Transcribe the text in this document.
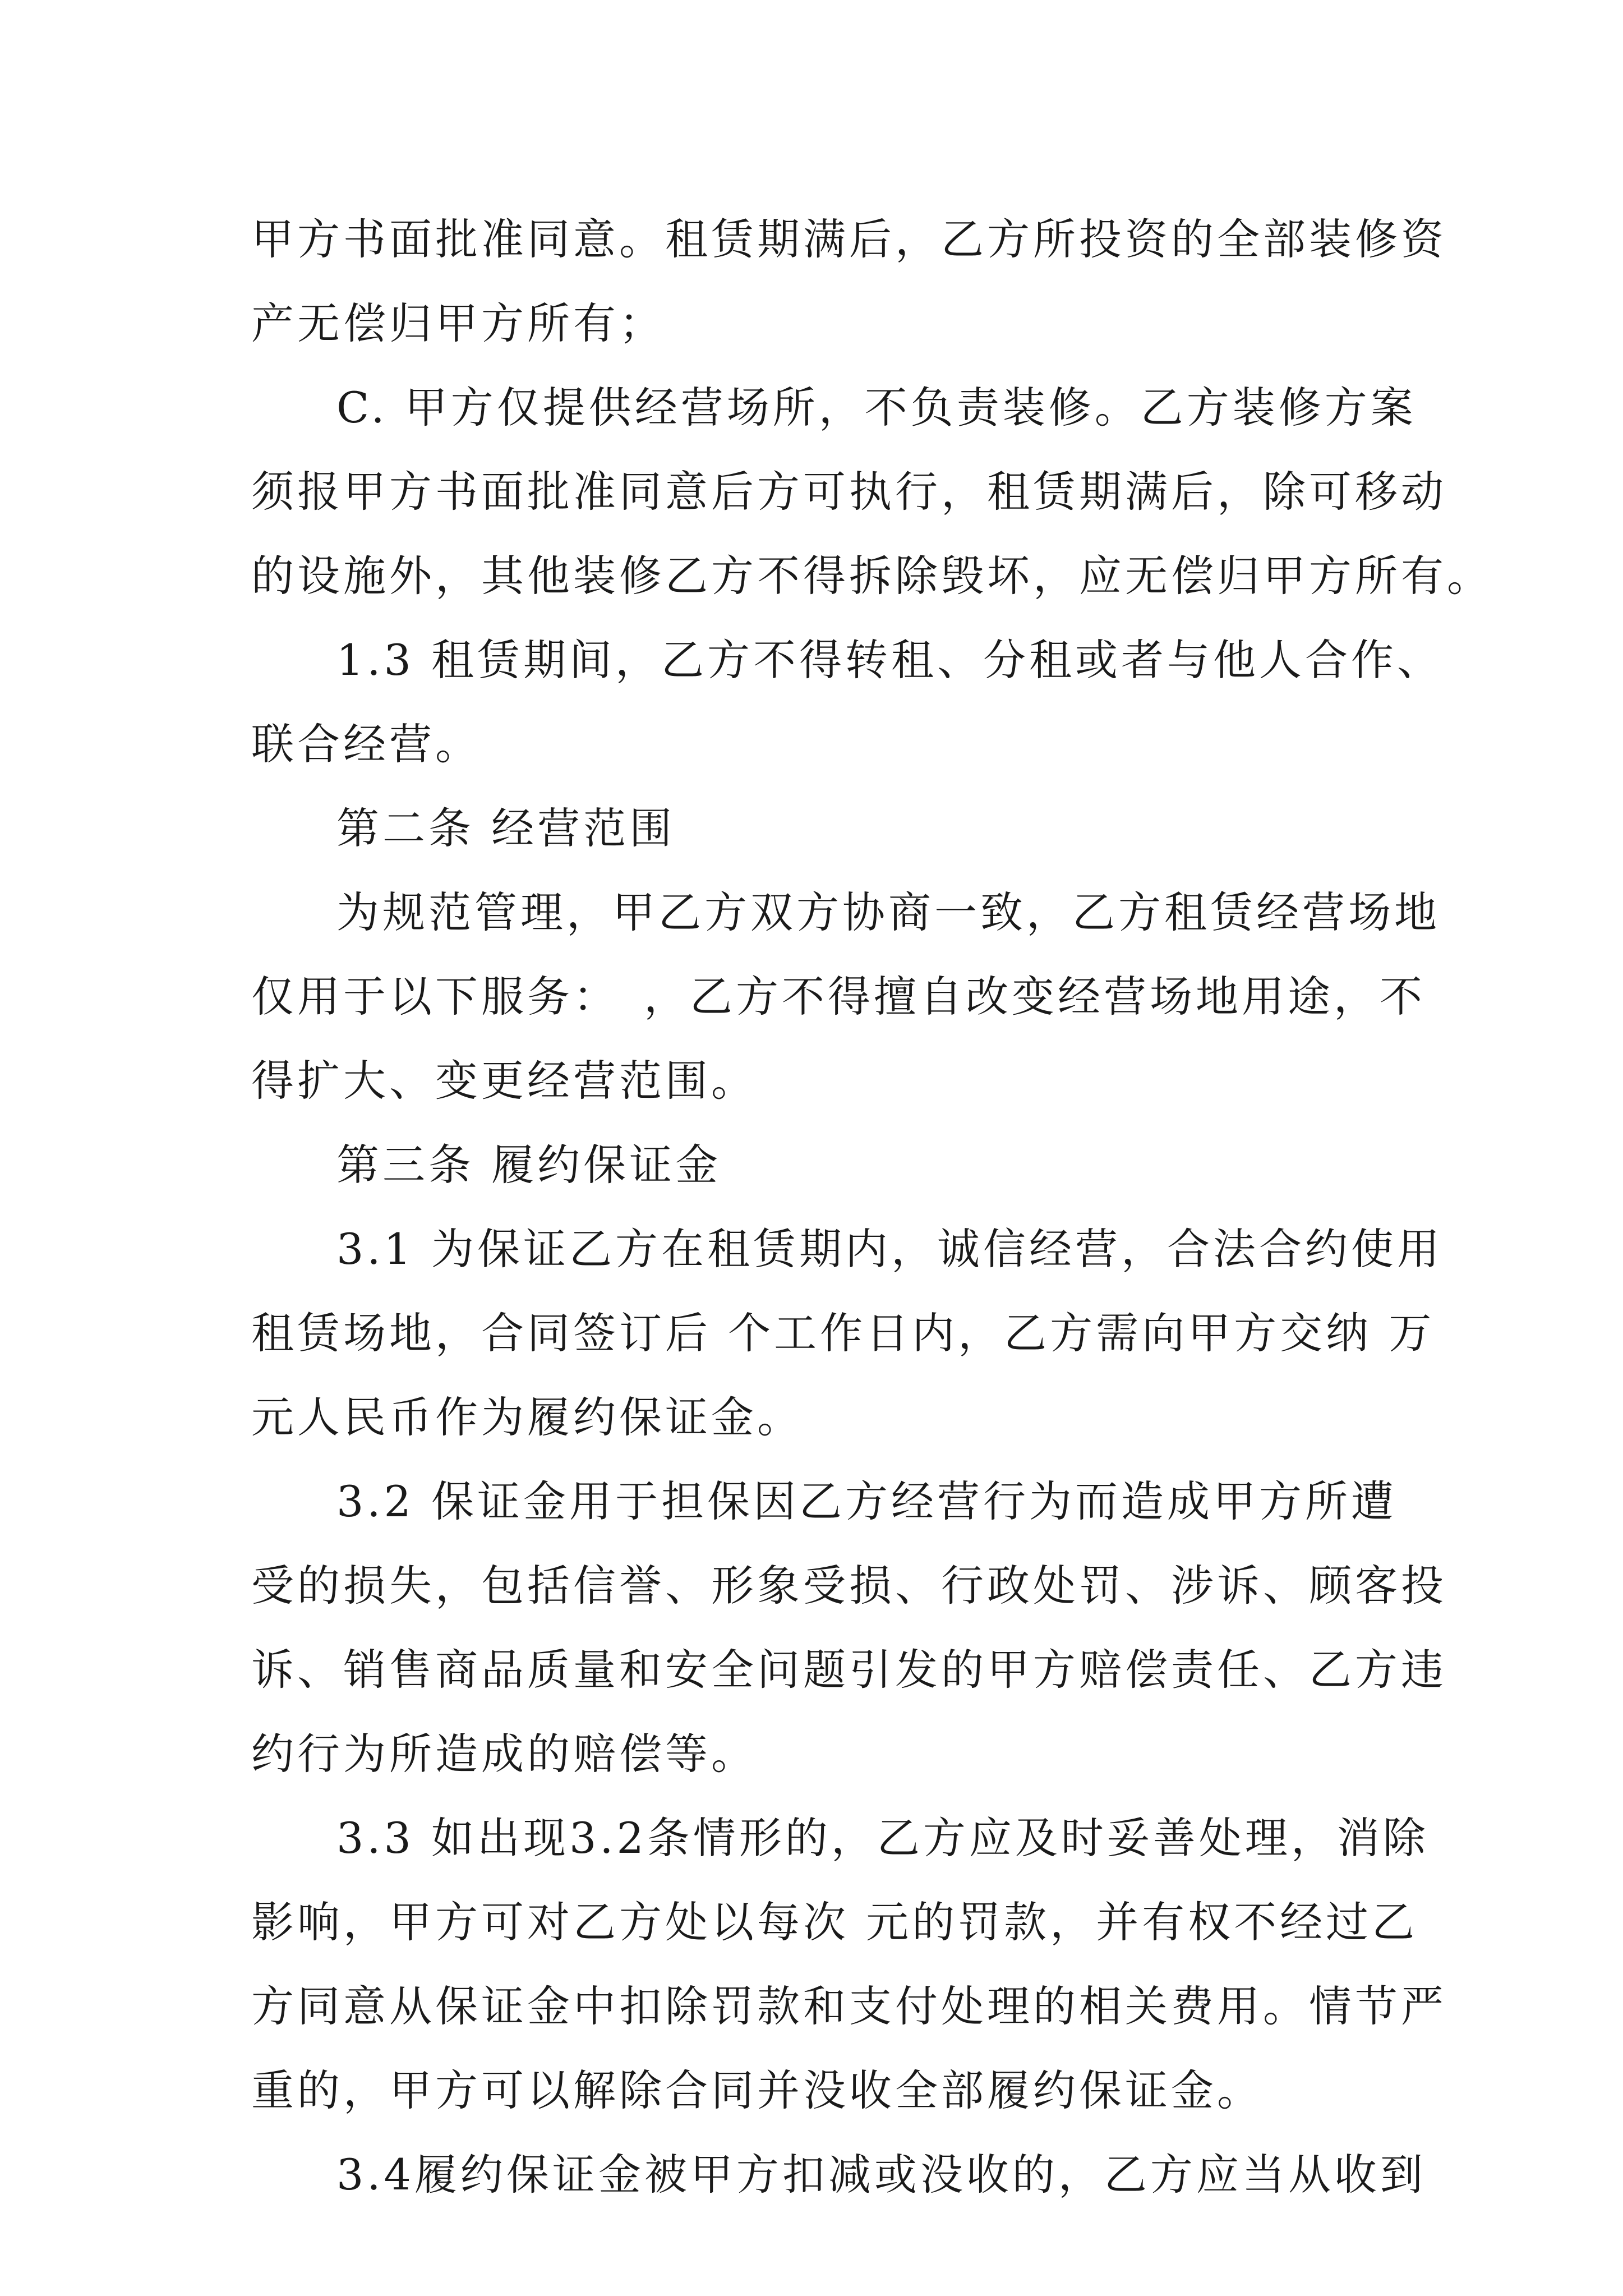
甲方书面批准同意。租赁期满后，乙方所投资的全部装修资
产无偿归甲方所有；

C. 甲方仅提供经营场所，不负责装修。乙方装修方案
须报甲方书面批准同意后方可执行，租赁期满后，除可移动
的设施外，其他装修乙方不得拆除毁坏，应无偿归甲方所有。

1.3 租赁期间，乙方不得转租、分租或者与他人合作、
联合经营。

第二条 经营范围

为规范管理，甲乙方双方协商一致，乙方租赁经营场地
仅用于以下服务：　，乙方不得擅自改变经营场地用途，不
得扩大、变更经营范围。

第三条 履约保证金

3.1 为保证乙方在租赁期内，诚信经营，合法合约使用
租赁场地，合同签订后 个工作日内，乙方需向甲方交纳 万
元人民币作为履约保证金。

3.2 保证金用于担保因乙方经营行为而造成甲方所遭
受的损失，包括信誉、形象受损、行政处罚、涉诉、顾客投
诉、销售商品质量和安全问题引发的甲方赔偿责任、乙方违
约行为所造成的赔偿等。

3.3 如出现3.2条情形的，乙方应及时妥善处理，消除
影响，甲方可对乙方处以每次 元的罚款，并有权不经过乙
方同意从保证金中扣除罚款和支付处理的相关费用。情节严
重的，甲方可以解除合同并没收全部履约保证金。

3.4履约保证金被甲方扣减或没收的，乙方应当从收到
